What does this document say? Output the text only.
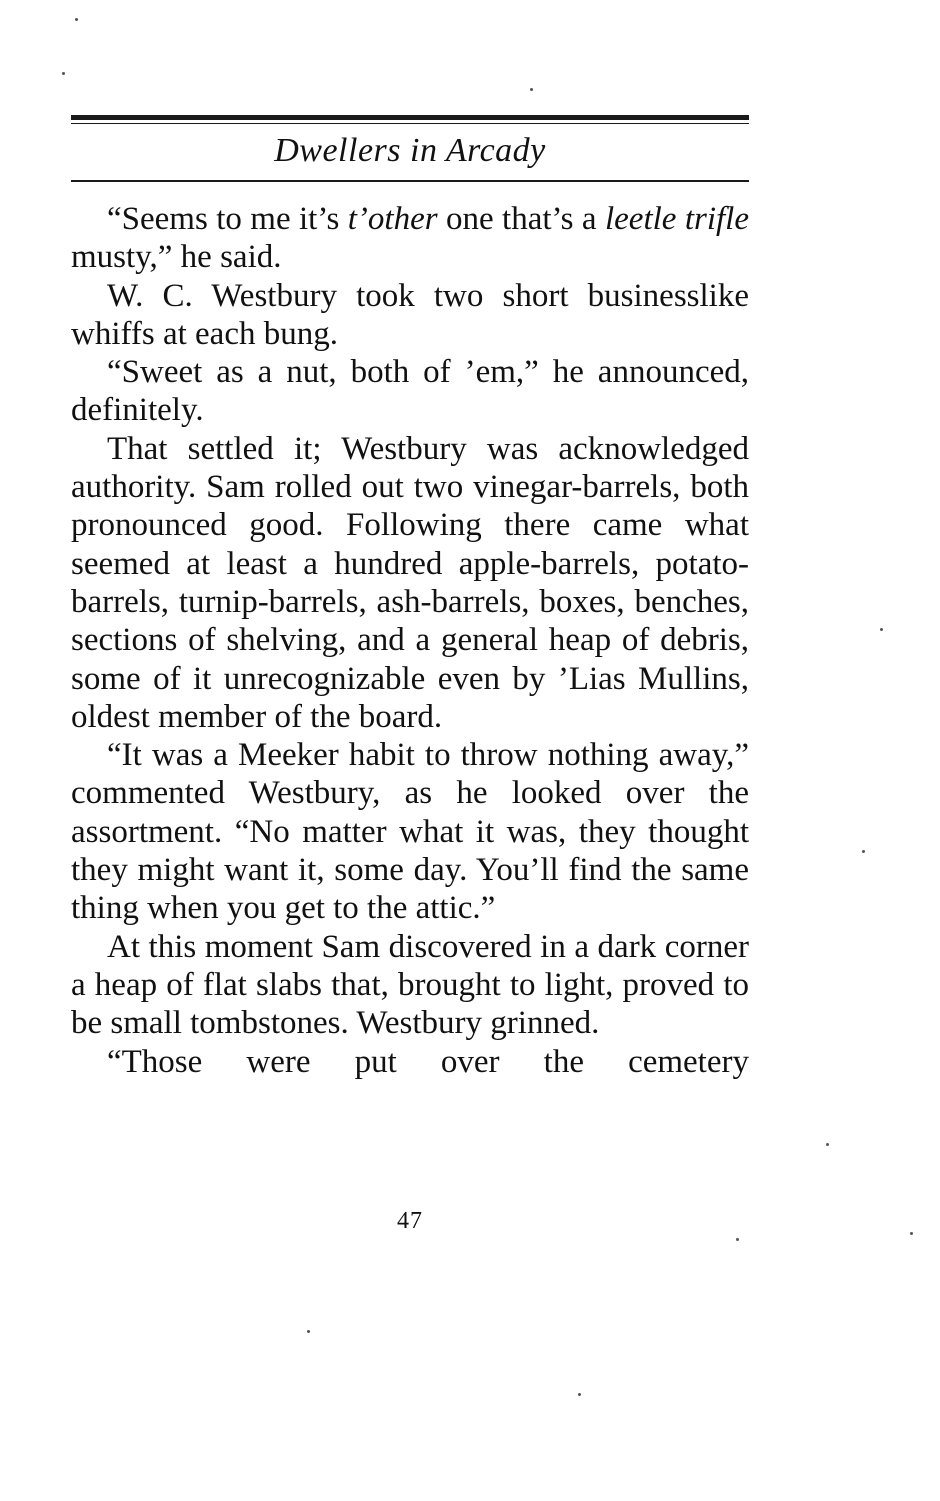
Dwellers in Arcady

“Seems to me it’s t’other one that’s a leetle trifle musty,” he said.

W. C. Westbury took two short businesslike whiffs at each bung.

“Sweet as a nut, both of ’em,” he announced, definitely.

That settled it; Westbury was acknowledged authority. Sam rolled out two vinegar-barrels, both pronounced good. Following there came what seemed at least a hundred apple-barrels, potato-barrels, turnip-barrels, ash-barrels, boxes, benches, sections of shelving, and a general heap of debris, some of it unrecognizable even by ’Lias Mullins, oldest member of the board.

“It was a Meeker habit to throw nothing away,” commented Westbury, as he looked over the assortment. “No matter what it was, they thought they might want it, some day. You’ll find the same thing when you get to the attic.”

At this moment Sam discovered in a dark corner a heap of flat slabs that, brought to light, proved to be small tombstones. Westbury grinned.

“Those were put over the cemetery

47
